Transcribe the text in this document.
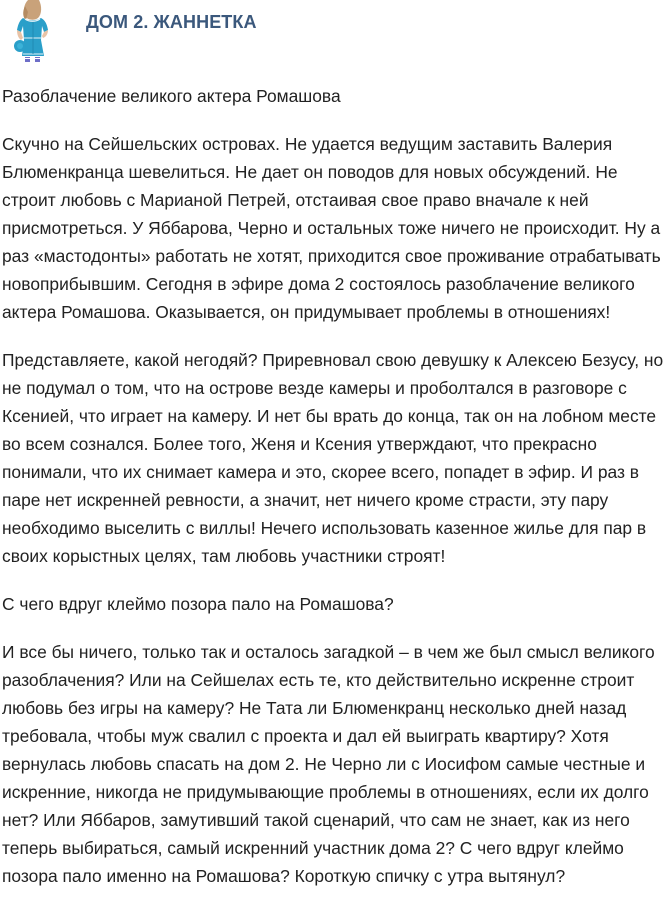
ДОМ 2. ЖАННЕТКА

Разоблачение великого актера Ромашова

Скучно на Сейшельских островах. Не удается ведущим заставить Валерия Блюменкранца шевелиться. Не дает он поводов для новых обсуждений. Не строит любовь с Марианой Петрей, отстаивая свое право вначале к ней присмотреться. У Яббарова, Черно и остальных тоже ничего не происходит. Ну а раз «мастодонты» работать не хотят, приходится свое проживание отрабатывать новоприбывшим. Сегодня в эфире дома 2 состоялось разоблачение великого актера Ромашова. Оказывается, он придумывает проблемы в отношениях!

Представляете, какой негодяй? Приревновал свою девушку к Алексею Безусу, но не подумал о том, что на острове везде камеры и проболтался в разговоре с Ксенией, что играет на камеру. И нет бы врать до конца, так он на лобном месте во всем сознался. Более того, Женя и Ксения утверждают, что прекрасно понимали, что их снимает камера и это, скорее всего, попадет в эфир. И раз в паре нет искренней ревности, а значит, нет ничего кроме страсти, эту пару необходимо выселить с виллы! Нечего использовать казенное жилье для пар в своих корыстных целях, там любовь участники строят!

С чего вдруг клеймо позора пало на Ромашова?

И все бы ничего, только так и осталось загадкой – в чем же был смысл великого разоблачения? Или на Сейшелах есть те, кто действительно искренне строит любовь без игры на камеру? Не Тата ли Блюменкранц несколько дней назад требовала, чтобы муж свалил с проекта и дал ей выиграть квартиру? Хотя вернулась любовь спасать на дом 2. Не Черно ли с Иосифом самые честные и искренние, никогда не придумывающие проблемы в отношениях, если их долго нет? Или Яббаров, замутивший такой сценарий, что сам не знает, как из него теперь выбираться, самый искренний участник дома 2? С чего вдруг клеймо позора пало именно на Ромашова? Короткую спичку с утра вытянул?
